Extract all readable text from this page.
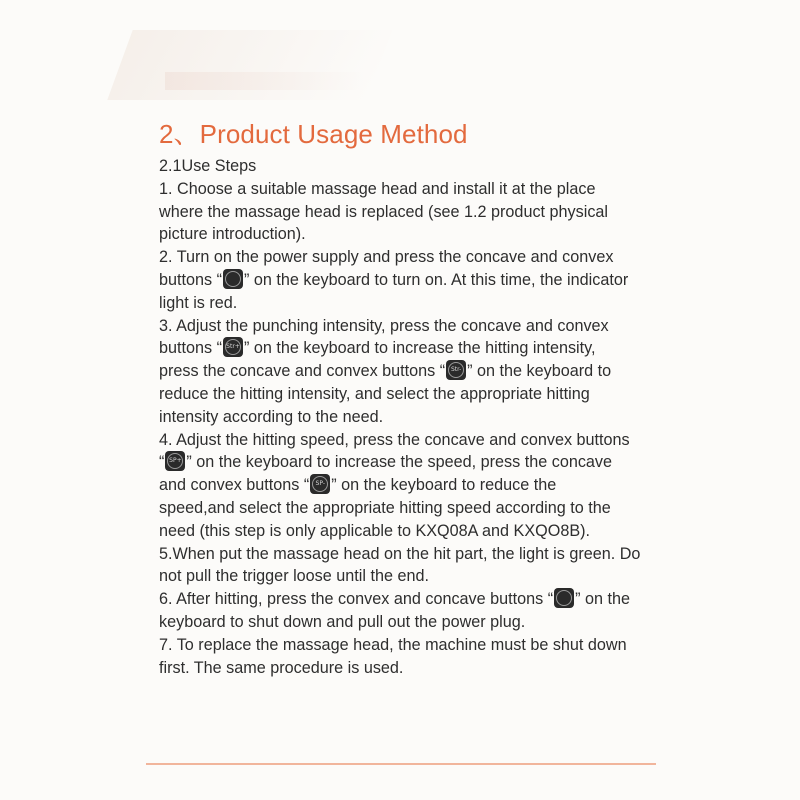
2、Product Usage Method
2.1Use Steps
1. Choose a suitable massage head and install it at the place
where the massage head is replaced (see 1.2 product physical
picture introduction).
2. Turn on the power supply and press the concave and convex
buttons “ ” on the keyboard to turn on. At this time, the indicator
light is red.
3. Adjust the punching intensity, press the concave and convex
buttons “ Str+ ” on the keyboard to increase the hitting intensity,
press the concave and convex buttons “ Str- ” on the keyboard to
reduce the hitting intensity, and select the appropriate hitting
intensity according to the need.
4. Adjust the hitting speed, press the concave and convex buttons
“ SP+ ” on the keyboard to increase the speed, press the concave
and convex buttons “	SP- ” on the keyboard to reduce the
speed,and select the appropriate hitting speed according to the
need (this step is only applicable to KXQ08A and KXQO8B).
5.When put the massage head on the hit part, the light is green. Do
not pull the trigger loose until the end.
6. After hitting, press the convex and concave buttons “ ” on the
keyboard to shut down and pull out the power plug.
7. To replace the massage head, the machine must be shut down
first. The same procedure is used.
